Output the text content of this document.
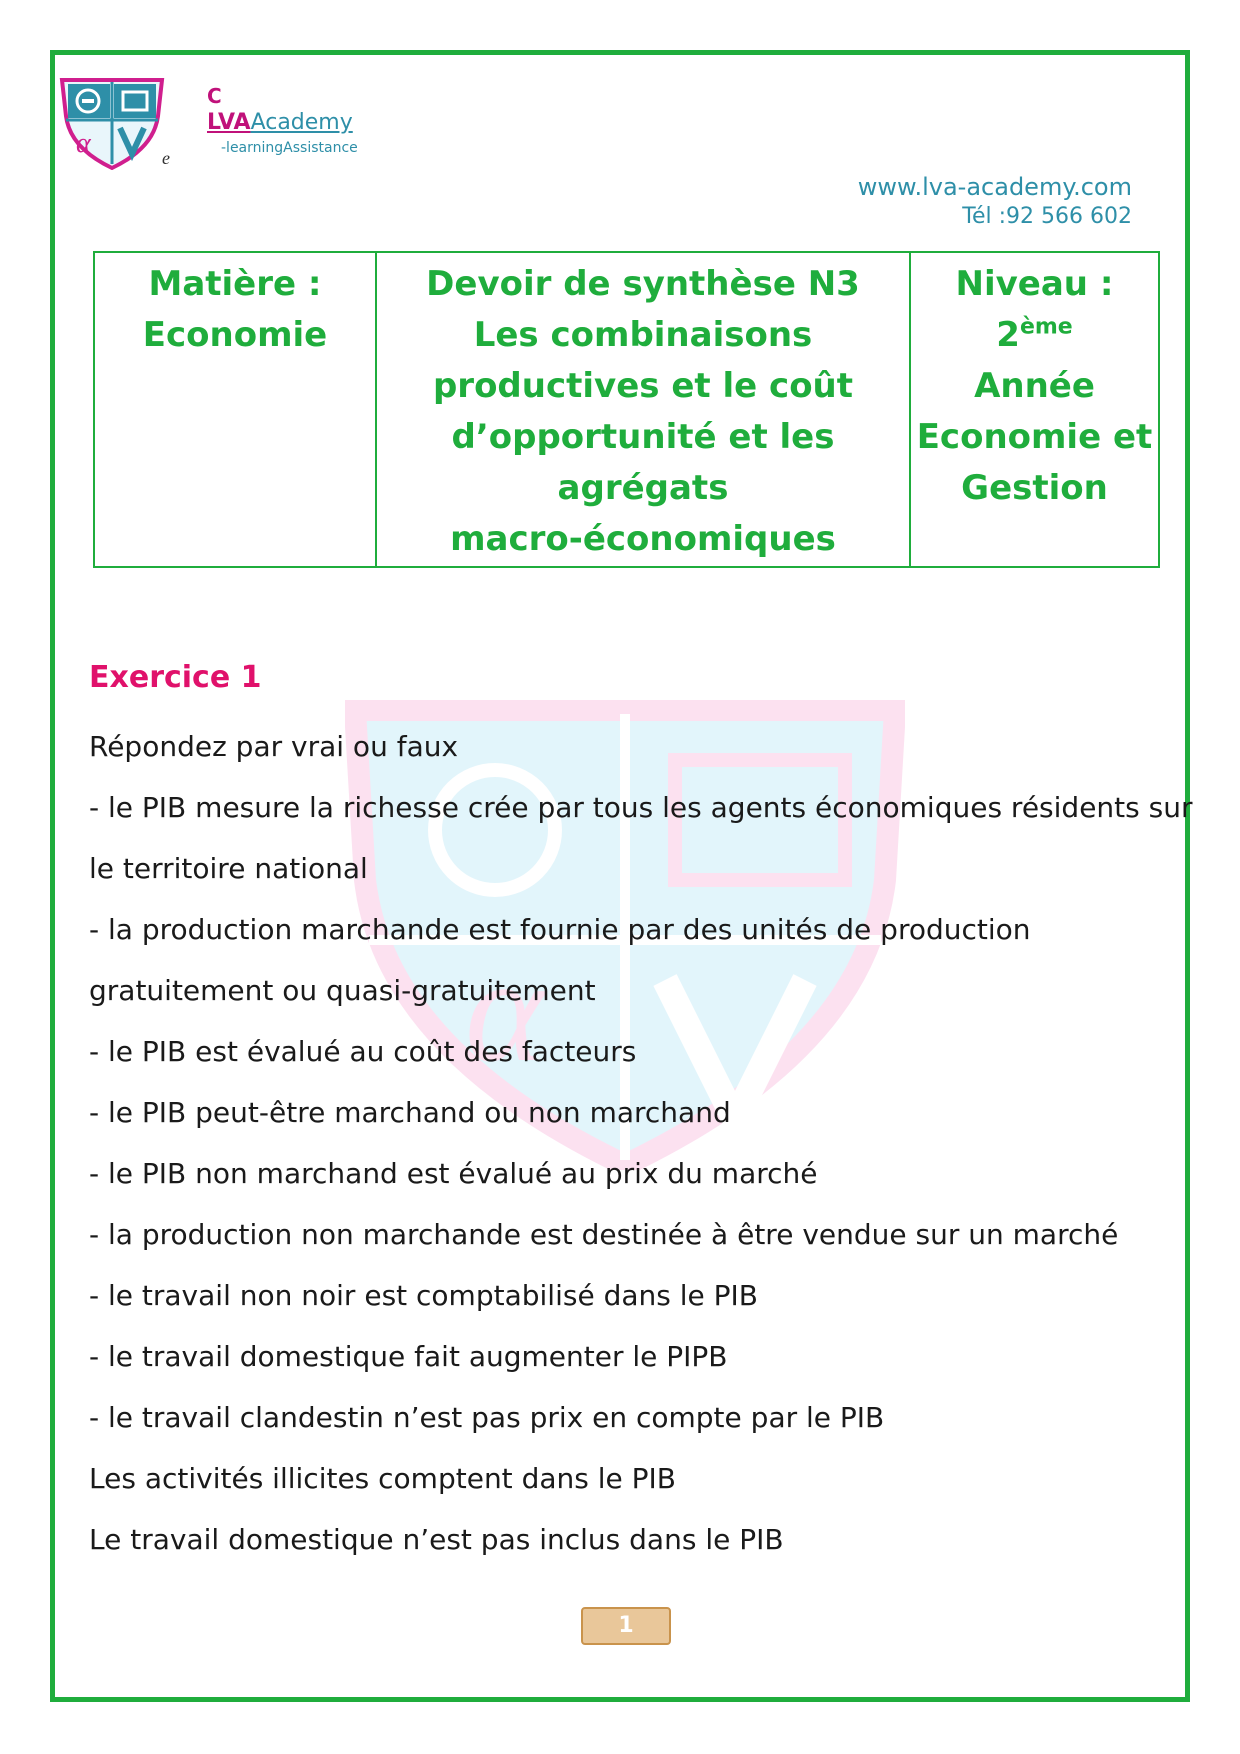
α	e
C
LVAAcademy
-learningAssistance
www.lva-academy.com
Tél :92 566 602
Matière :
Economie

Devoir de synthèse N3
Les combinaisons
productives et le coût
d’opportunité et les agrégats
macro-économiques

Niveau : 2ème
Année
Economie et
Gestion
α
Exercice 1
Répondez par vrai ou faux
- le PIB mesure la richesse crée par tous les agents économiques résidents sur
le territoire national
- la production marchande est fournie par des unités de production
gratuitement ou quasi-gratuitement
- le PIB est évalué au coût des facteurs
- le PIB peut-être marchand ou non marchand
- le PIB non marchand est évalué au prix du marché
- la production non marchande est destinée à être vendue sur un marché
- le travail non noir est comptabilisé dans le PIB
- le travail domestique fait augmenter le PIPB
- le travail clandestin n’est pas prix en compte par le PIB
Les activités illicites comptent dans le PIB
Le travail domestique n’est pas inclus dans le PIB
1
